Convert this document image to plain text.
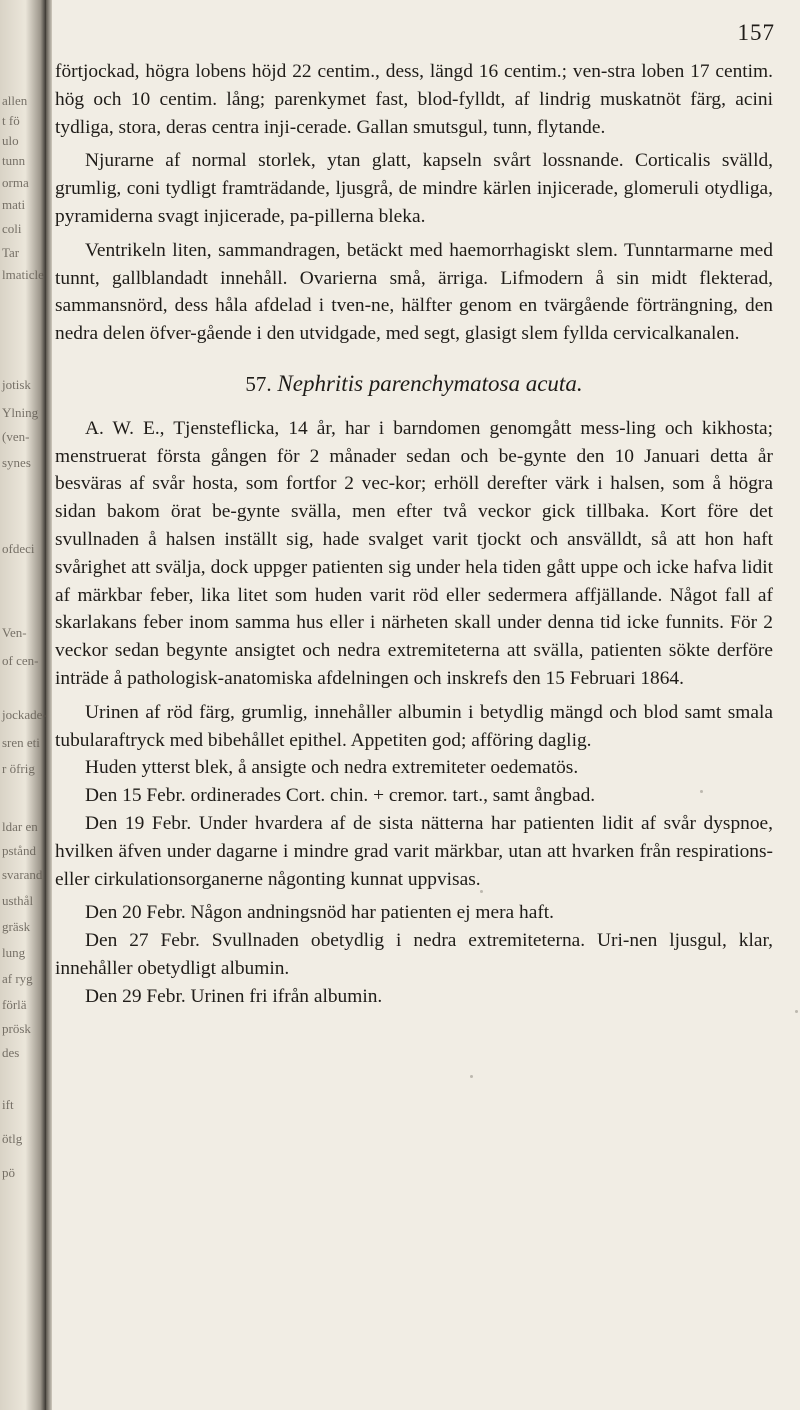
allen
t fö
ulo
tunn
orma
mati
coli
Tar
lmaticle
jotisk
Ylning
(ven-
synes
ofdeci
Ven-
of cen-
jockade-
sren eti
r öfrig
ldar en
pstånd
svarand
usthål
gräsk
lung
af ryg
förlä
prösk
des
ift
ötlg
pö
157

förtjockad, högra lobens höjd 22 centim., dess, längd 16 centim.; ven-stra loben 17 centim. hög och 10 centim. lång; parenkymet fast, blod-fylldt, af lindrig muskatnöt färg, acini tydliga, stora, deras centra inji-cerade. Gallan smutsgul, tunn, flytande.

Njurarne af normal storlek, ytan glatt, kapseln svårt lossnande. Corticalis svälld, grumlig, coni tydligt framträdande, ljusgrå, de mindre kärlen injicerade, glomeruli otydliga, pyramiderna svagt injicerade, pa-pillerna bleka.

Ventrikeln liten, sammandragen, betäckt med haemorrhagiskt slem. Tunntarmarne med tunnt, gallblandadt innehåll. Ovarierna små, ärriga. Lifmodern å sin midt flekterad, sammansnörd, dess håla afdelad i tven-ne, hälfter genom en tvärgående förträngning, den nedra delen öfver-gående i den utvidgade, med segt, glasigt slem fyllda cervicalkanalen.

57. Nephritis parenchymatosa acuta.

A. W. E., Tjensteflicka, 14 år, har i barndomen genomgått mess-ling och kikhosta; menstruerat första gången för 2 månader sedan och be-gynte den 10 Januari detta år besväras af svår hosta, som fortfor 2 vec-kor; erhöll derefter värk i halsen, som å högra sidan bakom örat be-gynte svälla, men efter två veckor gick tillbaka. Kort före det svullnaden å halsen inställt sig, hade svalget varit tjockt och ansvälldt, så att hon haft svårighet att svälja, dock uppger patienten sig under hela tiden gått uppe och icke hafva lidit af märkbar feber, lika litet som huden varit röd eller sedermera affjällande. Något fall af skarlakans feber inom samma hus eller i närheten skall under denna tid icke funnits. För 2 veckor sedan begynte ansigtet och nedra extremiteterna att svälla, patienten sökte derföre inträde å pathologisk-anatomiska afdelningen och inskrefs den 15 Februari 1864.

Urinen af röd färg, grumlig, innehåller albumin i betydlig mängd och blod samt smala tubularaftryck med bibehållet epithel. Appetiten god; afföring daglig.

Huden ytterst blek, å ansigte och nedra extremiteter oedematös.

Den 15 Febr. ordinerades Cort. chin. + cremor. tart., samt ångbad.

Den 19 Febr. Under hvardera af de sista nätterna har patienten lidit af svår dyspnoe, hvilken äfven under dagarne i mindre grad varit märkbar, utan att hvarken från respirations- eller cirkulationsorganerne någonting kunnat uppvisas.

Den 20 Febr. Någon andningsnöd har patienten ej mera haft.

Den 27 Febr. Svullnaden obetydlig i nedra extremiteterna. Uri-nen ljusgul, klar, innehåller obetydligt albumin.

Den 29 Febr. Urinen fri ifrån albumin.
